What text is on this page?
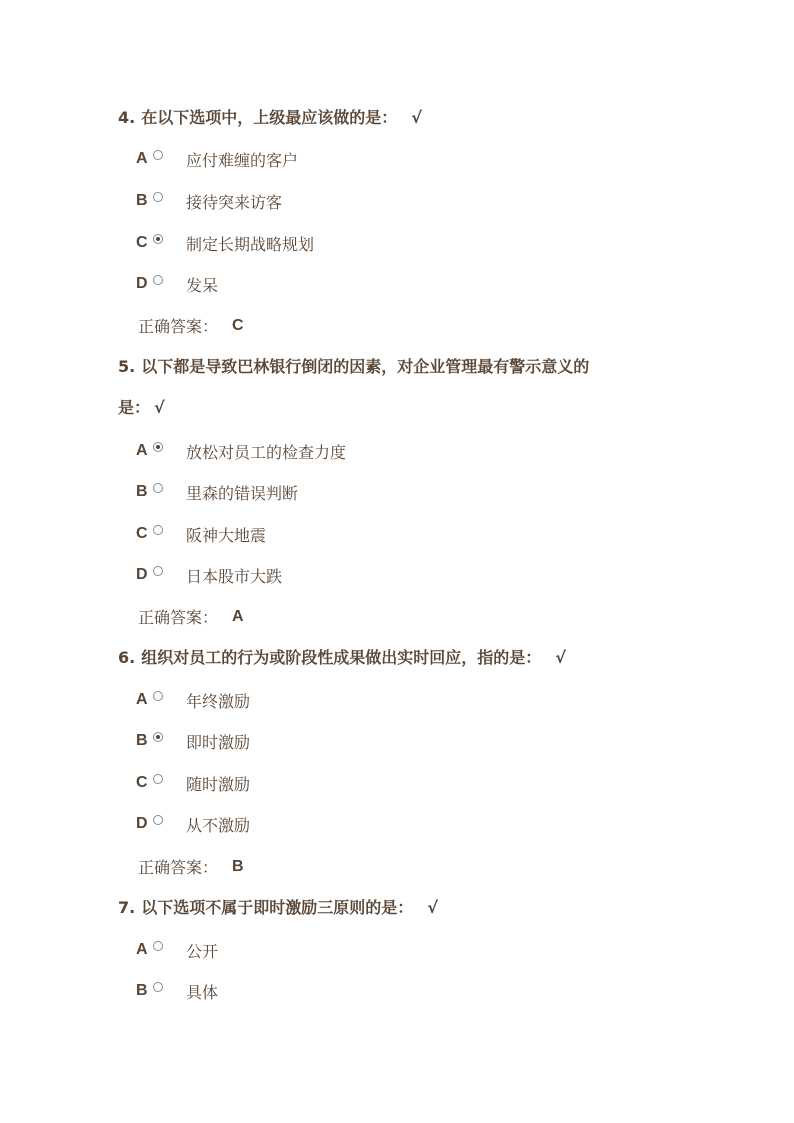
4. 在以下选项中，上级最应该做的是： √
A 应付难缠的客户
B 接待突来访客
C 制定长期战略规划
D 发呆
正确答案： C
5. 以下都是导致巴林银行倒闭的因素，对企业管理最有警示意义的
是： √
A 放松对员工的检查力度
B 里森的错误判断
C 阪神大地震
D 日本股市大跌
正确答案： A
6. 组织对员工的行为或阶段性成果做出实时回应，指的是： √
A 年终激励
B 即时激励
C 随时激励
D 从不激励
正确答案： B
7. 以下选项不属于即时激励三原则的是： √
A 公开
B 具体
